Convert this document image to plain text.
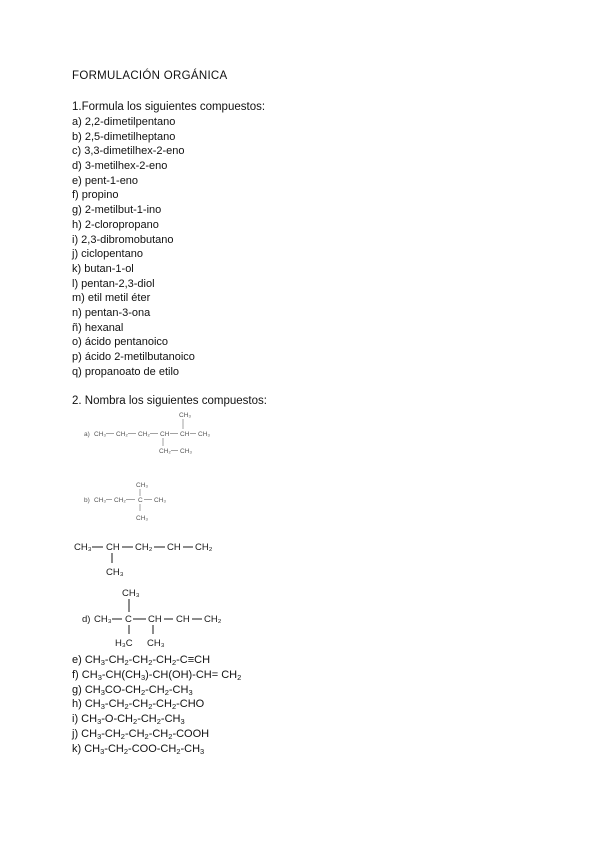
FORMULACIÓN ORGÁNICA
1.Formula los siguientes compuestos:
a) 2,2-dimetilpentano
b) 2,5-dimetilheptano
c) 3,3-dimetilhex-2-eno
d) 3-metilhex-2-eno
e) pent-1-eno
f) propino
g) 2-metilbut-1-ino
h) 2-cloropropano
i) 2,3-dibromobutano
j) ciclopentano
k) butan-1-ol
l) pentan-2,3-diol
m) etil metil éter
n) pentan-3-ona
ñ) hexanal
o) ácido pentanoico
p) ácido 2-metilbutanoico
q) propanoato de etilo
2. Nombra los siguientes compuestos:
a) CH₃ CH₂ CH₂ CH CH CH₃
CH₃
CH₂ CH₃
b) CH₃ CH₂ C CH₃
CH₃
CH₃
CH₃ CH CH₂ CH CH₂
CH₃
d) CH₃ C CH CH CH₂
CH₃
H₃C CH₃
e) $CH_3-CH_2-CH_2-CH_2-C\equiv CH$
f) $CH_3-CH(CH_3)-CH(OH)-CH= CH_2$
g) $CH_3CO-CH_2-CH_2-CH_3$
h) $CH_3-CH_2-CH_2-CH_2$-CHO
i) $CH_3-O-CH_2-CH_2-CH_3$
j) $CH_3-CH_2-CH_2-CH_2$-COOH
k) $CH_3-CH_2-COO-CH_2-CH_3$
